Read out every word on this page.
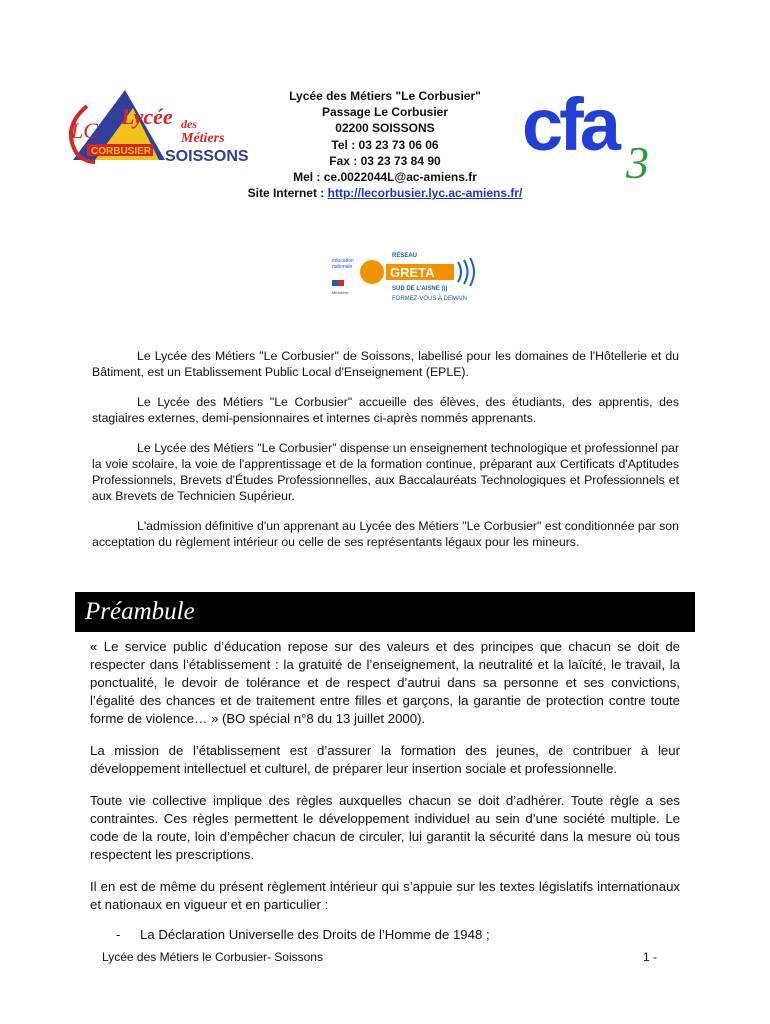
LC
CORBUSIER
Lycée des
Métiers
SOISSONS
Lycée des Métiers "Le Corbusier"
Passage Le Corbusier
02200 SOISSONS
Tel : 03 23 73 06 06
Fax : 03 23 73 84 90
Mel : ce.0022044L@ac-amiens.fr
Site Internet : http://lecorbusier.lyc.ac-amiens.fr/
cfa 3
éducation
nationale
Ministère
RÉSEAU
GRETA
SUD DE L'AISNE )))
FORMEZ-VOUS À DEMAIN

Le Lycée des Métiers "Le Corbusier" de Soissons, labellisé pour les domaines de l'Hôtellerie et du Bâtiment, est un Etablissement Public Local d'Enseignement (EPLE).

Le Lycée des Métiers "Le Corbusier" accueille des élèves, des étudiants, des apprentis, des stagiaires externes, demi-pensionnaires et internes ci-après nommés apprenants.

Le Lycée des Métiers "Le Corbusier" dispense un enseignement technologique et professionnel par la voie scolaire, la voie de l'apprentissage et de la formation continue, préparant aux Certificats d'Aptitudes Professionnels, Brevets d'Études Professionnelles, aux Baccalauréats Technologiques et Professionnels et aux Brevets de Technicien Supérieur.

L'admission définitive d'un apprenant au Lycée des Métiers "Le Corbusier" est conditionnée par son acceptation du règlement intérieur ou celle de ses représentants légaux pour les mineurs.

Préambule

« Le service public d’éducation repose sur des valeurs et des principes que chacun se doit de respecter dans l’établissement : la gratuité de l’enseignement, la neutralité et la laïcité, le travail, la ponctualité, le devoir de tolérance et de respect d’autrui dans sa personne et ses convictions, l’égalité des chances et de traitement entre filles et garçons, la garantie de protection contre toute forme de violence… » (BO spécial n°8 du 13 juillet 2000).

La mission de l’établissement est d’assurer la formation des jeunes, de contribuer à leur développement intellectuel et culturel, de préparer leur insertion sociale et professionnelle.

Toute vie collective implique des règles auxquelles chacun se doit d’adhérer. Toute règle a ses contraintes. Ces règles permettent le développement individuel au sein d’une société multiple. Le code de la route, loin d’empêcher chacun de circuler, lui garantit la sécurité dans la mesure où tous respectent les prescriptions.

Il en est de même du présent règlement intérieur qui s’appuie sur les textes législatifs internationaux et nationaux en vigueur et en particulier :

-	La Déclaration Universelle des Droits de l’Homme de 1948 ;
Lycée des Métiers le Corbusier- Soissons	1 -
